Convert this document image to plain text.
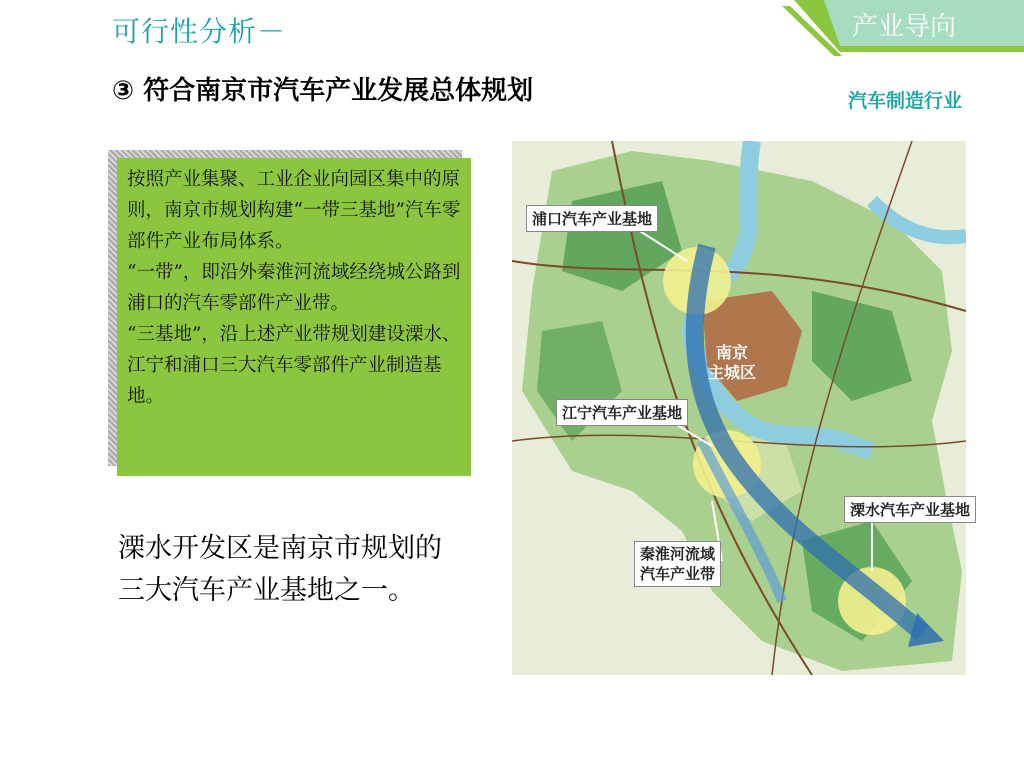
可行性分析－
③ 符合南京市汽车产业发展总体规划
产业导向
汽车制造行业
按照产业集聚、工业企业向园区集中的原则，南京市规划构建“一带三基地”汽车零部件产业布局体系。
“一带”，即沿外秦淮河流域经绕城公路到浦口的汽车零部件产业带。
“三基地”，沿上述产业带规划建设溧水、江宁和浦口三大汽车零部件产业制造基地。
溧水开发区是南京市规划的三大汽车产业基地之一。
浦口汽车产业基地
江宁汽车产业基地
溧水汽车产业基地
秦淮河流域
汽车产业带
南京
主城区
